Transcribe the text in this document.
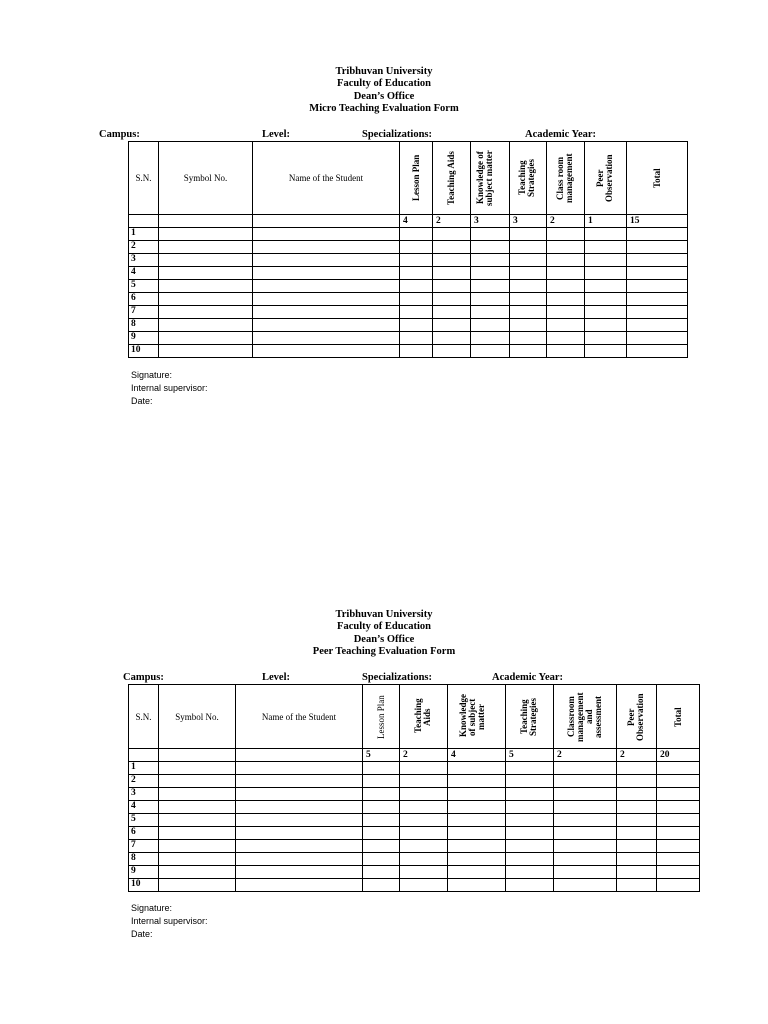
Tribhuvan University
Faculty of Education
Dean’s Office
Micro Teaching Evaluation Form
Campus:	Level:	Specializations:	Academic Year:
S.N.	Symbol No.	Name of the Student	Lesson Plan	Teaching Aids	Knowledge of subject matter	Teaching Strategies	Class room management	Peer Observation	Total

			4	2	3	3	2	1	15
1									
2									
3									
4									
5									
6									
7									
8									
9									
10									
Signature:
Internal supervisor:
Date:
Tribhuvan University
Faculty of Education
Dean’s Office
Peer Teaching Evaluation Form
Campus:	Level:	Specializations:	Academic Year:
S.N.	Symbol No.	Name of the Student	Lesson Plan	Teaching Aids	Knowledge of subject matter	Teaching Strategies	Classroom management and assessment	Peer Observation	Total

			5	2	4	5	2	2	20
1									
2									
3									
4									
5									
6									
7									
8									
9									
10									
Signature:
Internal supervisor:
Date:
